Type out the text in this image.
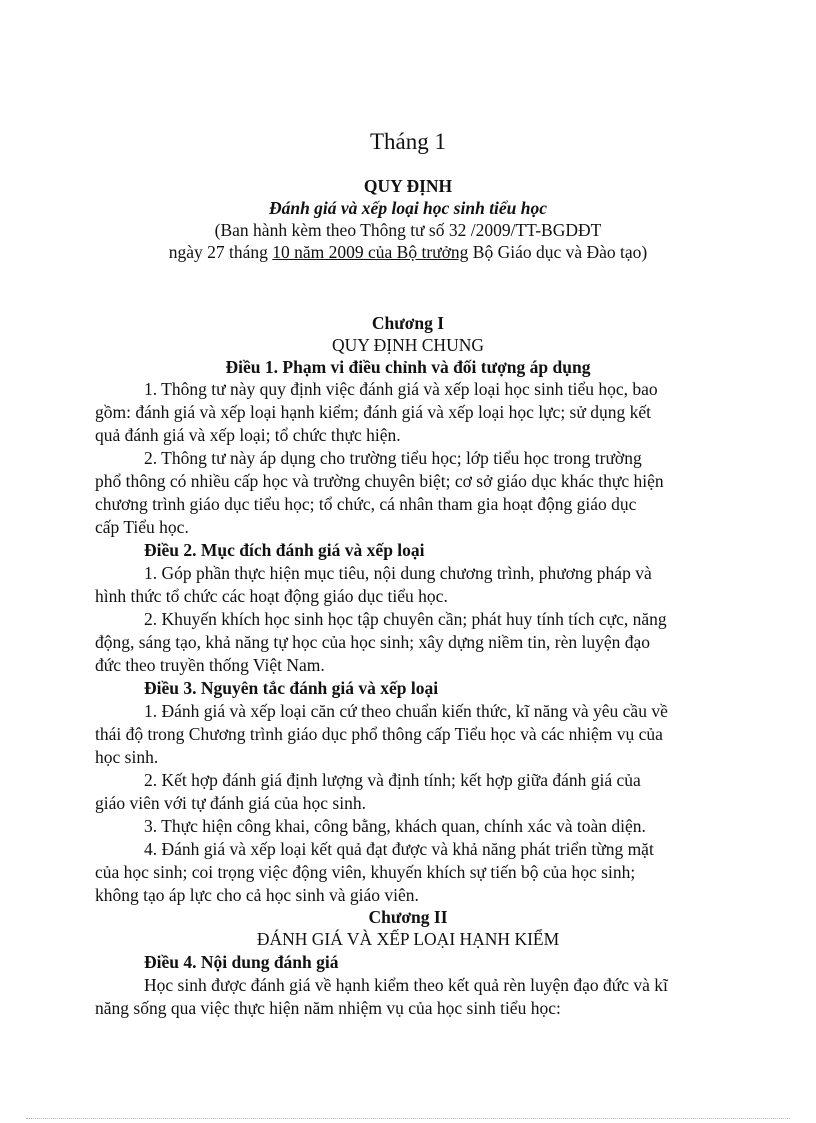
Tháng 1
QUY ĐỊNH
Đánh giá và xếp loại học sinh tiểu học
(Ban hành kèm theo Thông tư số 32 /2009/TT-BGDĐT
ngày 27 tháng 10 năm 2009 của Bộ trưởng Bộ Giáo dục và Đào tạo)
Chương I
QUY ĐỊNH CHUNG
Điều 1. Phạm vi điều chỉnh và đối tượng áp dụng
1. Thông tư này quy định việc đánh giá và xếp loại học sinh tiểu học, bao
gồm: đánh giá và xếp loại hạnh kiểm; đánh giá và xếp loại học lực; sử dụng kết
quả đánh giá và xếp loại; tổ chức thực hiện.
2. Thông tư này áp dụng cho trường tiểu học; lớp tiểu học trong trường
phổ thông có nhiều cấp học và trường chuyên biệt; cơ sở giáo dục khác thực hiện
chương trình giáo dục tiểu học; tổ chức, cá nhân tham gia hoạt động giáo dục
cấp Tiểu học.
Điều 2. Mục đích đánh giá và xếp loại
1. Góp phần thực hiện mục tiêu, nội dung chương trình, phương pháp và
hình thức tổ chức các hoạt động giáo dục tiểu học.
2. Khuyến khích học sinh học tập chuyên cần; phát huy tính tích cực, năng
động, sáng tạo, khả năng tự học của học sinh; xây dựng niềm tin, rèn luyện đạo
đức theo truyền thống Việt Nam.
Điều 3. Nguyên tắc đánh giá và xếp loại
1. Đánh giá và xếp loại căn cứ theo chuẩn kiến thức, kĩ năng và yêu cầu về
thái độ trong Chương trình giáo dục phổ thông cấp Tiểu học và các nhiệm vụ của
học sinh.
2. Kết hợp đánh giá định lượng và định tính; kết hợp giữa đánh giá của
giáo viên với tự đánh giá của học sinh.
3. Thực hiện công khai, công bằng, khách quan, chính xác và toàn diện.
4. Đánh giá và xếp loại kết quả đạt được và khả năng phát triển từng mặt
của học sinh; coi trọng việc động viên, khuyến khích sự tiến bộ của học sinh;
không tạo áp lực cho cả học sinh và giáo viên.
Chương II
ĐÁNH GIÁ VÀ XẾP LOẠI HẠNH KIỂM
Điều 4. Nội dung đánh giá
Học sinh được đánh giá về hạnh kiểm theo kết quả rèn luyện đạo đức và kĩ
năng sống qua việc thực hiện năm nhiệm vụ của học sinh tiểu học:
